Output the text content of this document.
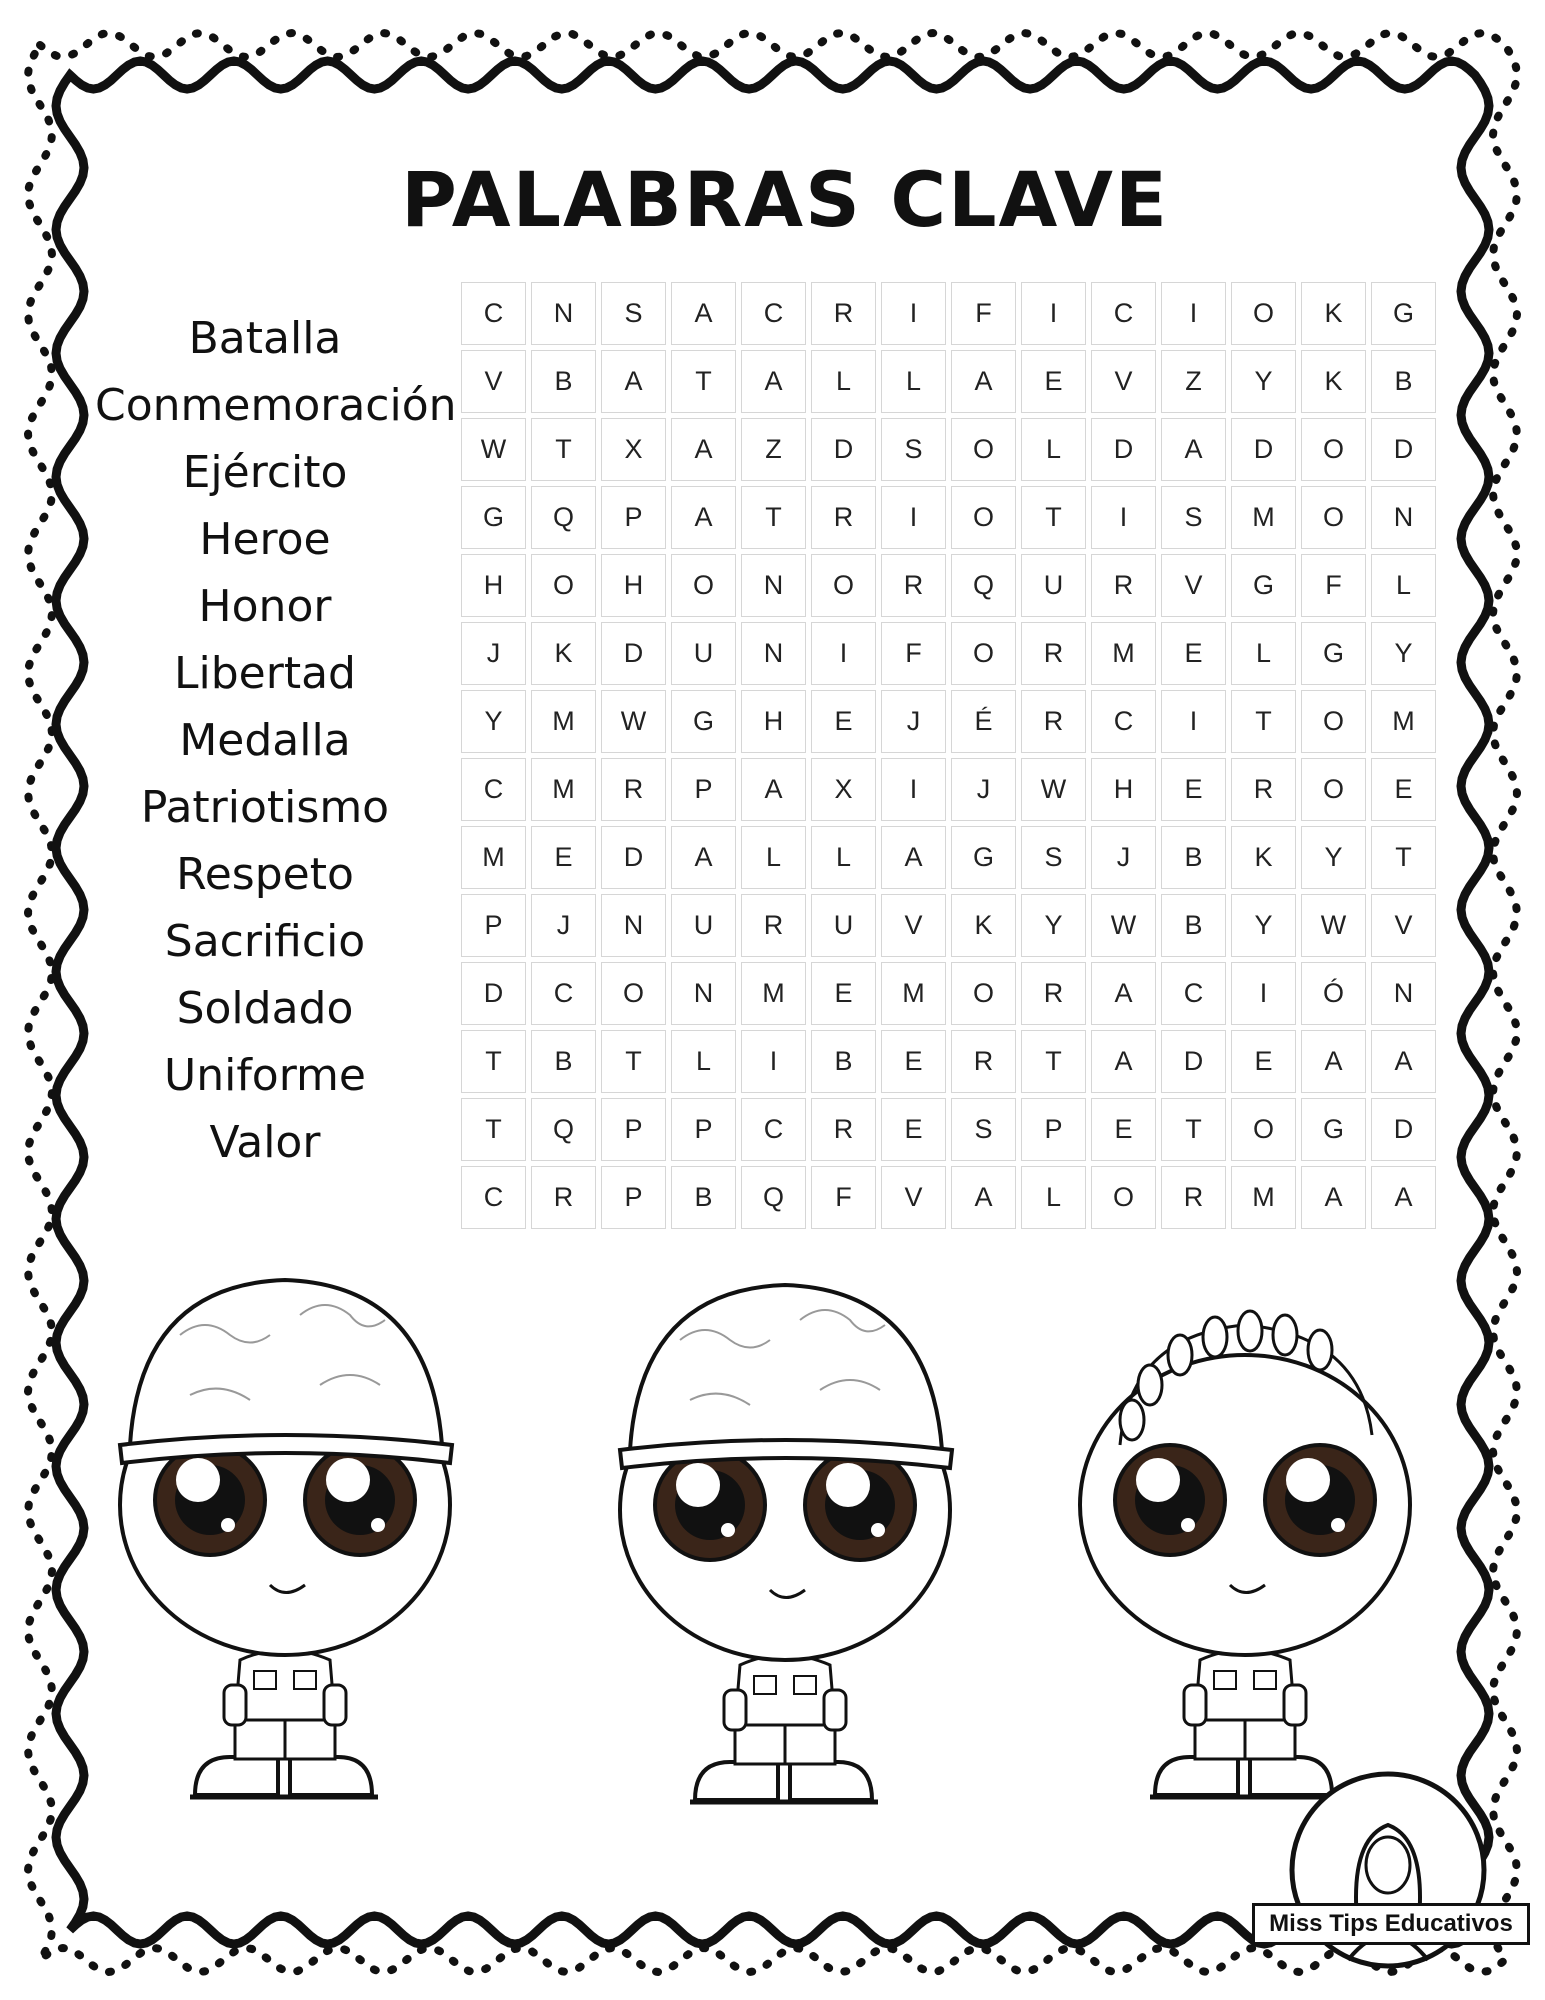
PALABRAS CLAVE
Batalla
Conmemoración
Ejército
Heroe
Honor
Libertad
Medalla
Patriotismo
Respeto
Sacrificio
Soldado
Uniforme
Valor
C	N	S	A	C	R	I	F	I	C	I	O	K	G
V	B	A	T	A	L	L	A	E	V	Z	Y	K	B
W	T	X	A	Z	D	S	O	L	D	A	D	O	D
G	Q	P	A	T	R	I	O	T	I	S	M	O	N
H	O	H	O	N	O	R	Q	U	R	V	G	F	L
J	K	D	U	N	I	F	O	R	M	E	L	G	Y
Y	M	W	G	H	E	J	É	R	C	I	T	O	M
C	M	R	P	A	X	I	J	W	H	E	R	O	E
M	E	D	A	L	L	A	G	S	J	B	K	Y	T
P	J	N	U	R	U	V	K	Y	W	B	Y	W	V
D	C	O	N	M	E	M	O	R	A	C	I	Ó	N
T	B	T	L	I	B	E	R	T	A	D	E	A	A
T	Q	P	P	C	R	E	S	P	E	T	O	G	D
C	R	P	B	Q	F	V	A	L	O	R	M	A	A
Miss Tips Educativos
